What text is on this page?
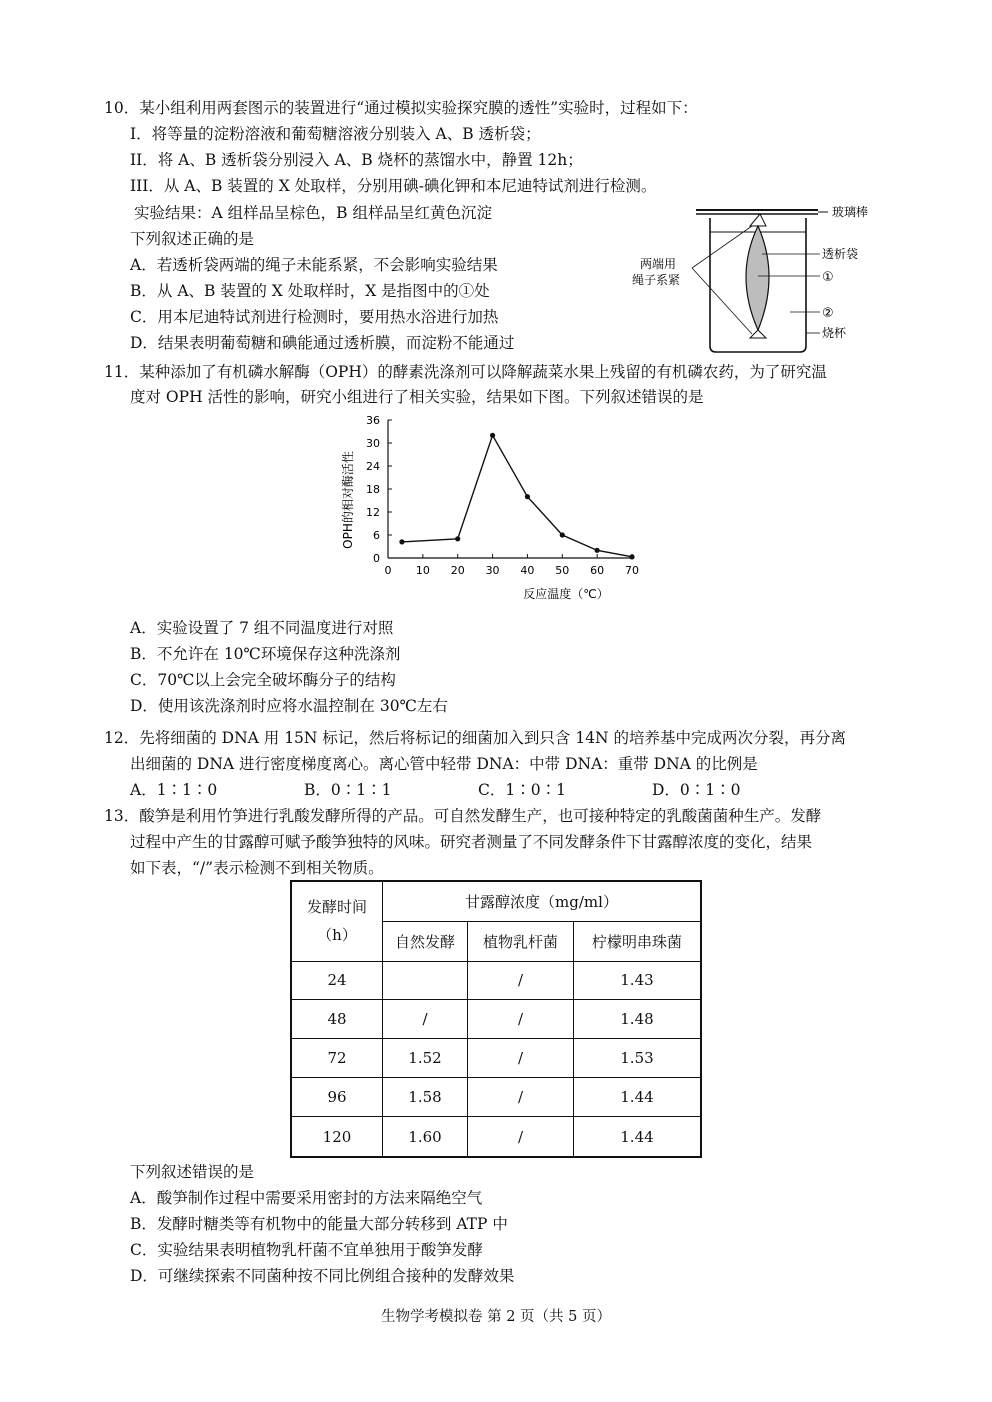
10．某小组利用两套图示的装置进行“通过模拟实验探究膜的透性”实验时，过程如下：
I．将等量的淀粉溶液和葡萄糖溶液分别装入 A、B 透析袋；
II．将 A、B 透析袋分别浸入 A、B 烧杯的蒸馏水中，静置 12h；
III．从 A、B 装置的 X 处取样，分别用碘-碘化钾和本尼迪特试剂进行检测。
实验结果：A 组样品呈棕色，B 组样品呈红黄色沉淀
下列叙述正确的是
A．若透析袋两端的绳子未能系紧，不会影响实验结果
B．从 A、B 装置的 X 处取样时，X 是指图中的①处
C．用本尼迪特试剂进行检测时，要用热水浴进行加热
D．结果表明葡萄糖和碘能通过透析膜，而淀粉不能通过
玻璃棒
透析袋
①
②
烧杯
两端用
绳子系紧
11．某种添加了有机磷水解酶（OPH）的酵素洗涤剂可以降解蔬菜水果上残留的有机磷农药，为了研究温
度对 OPH 活性的影响，研究小组进行了相关实验，结果如下图。下列叙述错误的是
0 10 20 30 40 50 60 70
0
6
12
18
24
30
36
反应温度（℃）
OPH的相对酶活性
A．实验设置了 7 组不同温度进行对照
B．不允许在 10℃环境保存这种洗涤剂
C．70℃以上会完全破坏酶分子的结构
D．使用该洗涤剂时应将水温控制在 30℃左右
12．先将细菌的 DNA 用 15N 标记，然后将标记的细菌加入到只含 14N 的培养基中完成两次分裂，再分离
出细菌的 DNA 进行密度梯度离心。离心管中轻带 DNA：中带 DNA：重带 DNA 的比例是
A．1∶1∶0	B．0∶1∶1	C．1∶0∶1	D．0∶1∶0
13．酸笋是利用竹笋进行乳酸发酵所得的产品。可自然发酵生产，也可接种特定的乳酸菌菌种生产。发酵
过程中产生的甘露醇可赋予酸笋独特的风味。研究者测量了不同发酵条件下甘露醇浓度的变化，结果
如下表，“/”表示检测不到相关物质。
发酵时间
（h）	甘露醇浓度（mg/ml）		
	自然发酵	植物乳杆菌	柠檬明串珠菌
24		/	1.43
48	/	/	1.48
72	1.52	/	1.53
96	1.58	/	1.44
120	1.60	/	1.44
下列叙述错误的是
A．酸笋制作过程中需要采用密封的方法来隔绝空气
B．发酵时糖类等有机物中的能量大部分转移到 ATP 中
C．实验结果表明植物乳杆菌不宜单独用于酸笋发酵
D．可继续探索不同菌种按不同比例组合接种的发酵效果
生物学考模拟卷 第 2 页（共 5 页）
